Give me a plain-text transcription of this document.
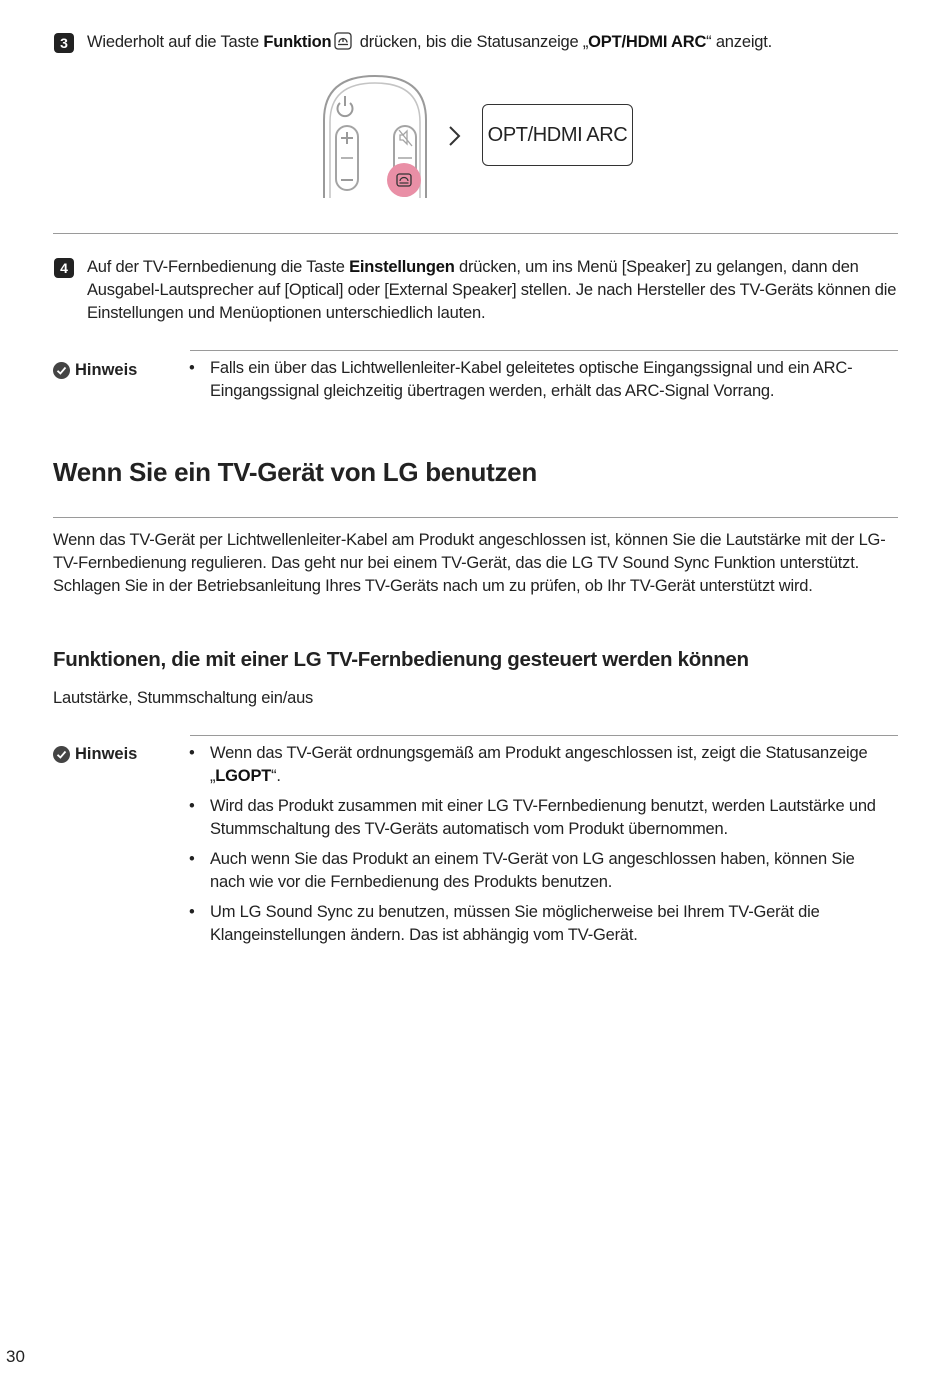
3	Wiederholt auf die Taste Funktion drücken, bis die Statusanzeige „OPT/HDMI ARC“ anzeigt.
OPT/HDMI ARC
4	Auf der TV-Fernbedienung die Taste Einstellungen drücken, um ins Menü [Speaker] zu gelangen, dann den Ausgabel-Lautsprecher auf [Optical] oder [External Speaker] stellen. Je nach Hersteller des TV-Geräts können die Einstellungen und Menüoptionen unterschiedlich lauten.
Hinweis	• Falls ein über das Lichtwellenleiter-Kabel geleitetes optische Eingangssignal und ein ARC-Eingangssignal gleichzeitig übertragen werden, erhält das ARC-Signal Vorrang.
Wenn Sie ein TV-Gerät von LG benutzen
Wenn das TV-Gerät per Lichtwellenleiter-Kabel am Produkt angeschlossen ist, können Sie die Lautstärke mit der LG-TV-Fernbedienung regulieren. Das geht nur bei einem TV-Gerät, das die LG TV Sound Sync Funktion unterstützt. Schlagen Sie in der Betriebsanleitung Ihres TV-Geräts nach um zu prüfen, ob Ihr TV-Gerät unterstützt wird.
Funktionen, die mit einer LG TV-Fernbedienung gesteuert werden können
Lautstärke, Stummschaltung ein/aus
Hinweis	• Wenn das TV-Gerät ordnungsgemäß am Produkt angeschlossen ist, zeigt die Statusanzeige „LGOPT“.
• Wird das Produkt zusammen mit einer LG TV-Fernbedienung benutzt, werden Lautstärke und Stummschaltung des TV-Geräts automatisch vom Produkt übernommen.
• Auch wenn Sie das Produkt an einem TV-Gerät von LG angeschlossen haben, können Sie nach wie vor die Fernbedienung des Produkts benutzen.
• Um LG Sound Sync zu benutzen, müssen Sie möglicherweise bei Ihrem TV-Gerät die Klangeinstellungen ändern. Das ist abhängig vom TV-Gerät.
30
